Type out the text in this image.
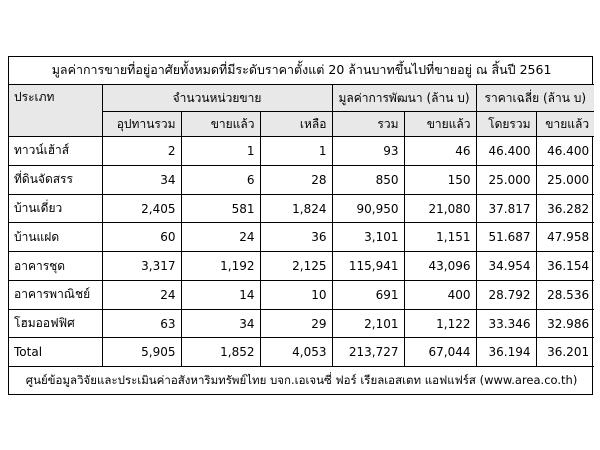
มูลค่าการขายที่อยู่อาศัยทั้งหมดที่มีระดับราคาตั้งแต่ 20 ล้านบาทขึ้นไปที่ขายอยู่ ณ สิ้นปี 2561							
ประเภท	จำนวนหน่วยขาย			มูลค่าการพัฒนา (ล้าน บ)		ราคาเฉลี่ย (ล้าน บ)	
	อุปทานรวม	ขายแล้ว	เหลือ	รวม	ขายแล้ว	โดยรวม	ขายแล้ว
ทาวน์เฮ้าส์	2	1	1	93	46	46.400	46.400
ที่ดินจัดสรร	34	6	28	850	150	25.000	25.000
บ้านเดี่ยว	2,405	581	1,824	90,950	21,080	37.817	36.282
บ้านแฝด	60	24	36	3,101	1,151	51.687	47.958
อาคารชุด	3,317	1,192	2,125	115,941	43,096	34.954	36.154
อาคารพาณิชย์	24	14	10	691	400	28.792	28.536
โฮมออฟฟิศ	63	34	29	2,101	1,122	33.346	32.986
Total	5,905	1,852	4,053	213,727	67,044	36.194	36.201
ศูนย์ข้อมูลวิจัยและประเมินค่าอสังหาริมทรัพย์ไทย บจก.เอเจนซี่ ฟอร์ เรียลเอสเตท แอฟแฟร์ส (www.area.co.th)							
